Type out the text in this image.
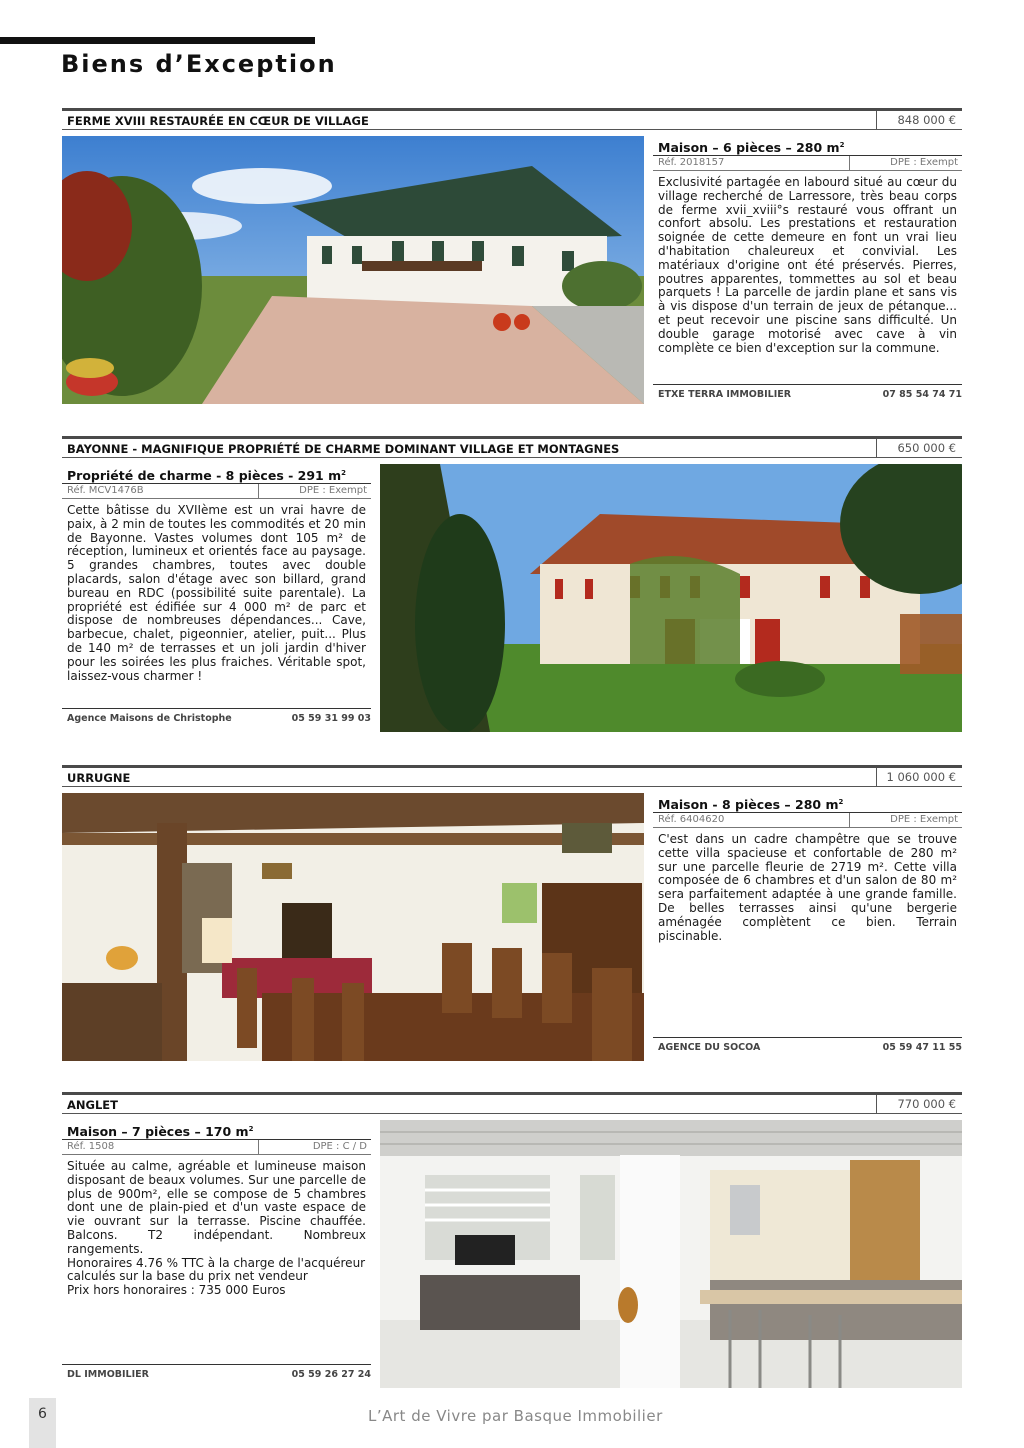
Biens d’Exception
FERME XVIII RESTAURÉE EN CŒUR DE VILLAGE	848 000 €
Maison – 6 pièces – 280 $m^2$
Réf. 2018157	DPE : Exempt

Exclusivité partagée en labourd situé au cœur du village recherché de Larressore, très beau corps de ferme xvii_xviii°s restauré vous offrant un confort absolu. Les prestations et restauration soignée de cette demeure en font un vrai lieu d'habitation chaleureux et convivial. Les matériaux d'origine ont été préservés. Pierres, poutres apparentes, tommettes au sol et beau parquets ! La parcelle de jardin plane et sans vis à vis dispose d'un terrain de jeux de pétanque... et peut recevoir une piscine sans difficulté. Un double garage motorisé avec cave à vin complète ce bien d'exception sur la commune.

ETXE TERRA IMMOBILIER	07 85 54 74 71
BAYONNE - MAGNIFIQUE PROPRIÉTÉ DE CHARME DOMINANT VILLAGE ET MONTAGNES	650 000 €
Propriété de charme - 8 pièces - 291 $m^2$
Réf. MCV1476B	DPE : Exempt

Cette bâtisse du XVIIème est un vrai havre de paix, à 2 min de toutes les commodités et 20 min de Bayonne. Vastes volumes dont 105 m² de réception, lumineux et orientés face au paysage. 5 grandes chambres, toutes avec double placards, salon d'étage avec son billard, grand bureau en RDC (possibilité suite parentale). La propriété est édifiée sur 4 000 m² de parc et dispose de nombreuses dépendances... Cave, barbecue, chalet, pigeonnier, atelier, puit... Plus de 140 m² de terrasses et un joli jardin d'hiver pour les soirées les plus fraiches. Véritable spot, laissez-vous charmer !

Agence Maisons de Christophe	05 59 31 99 03
URRUGNE	1 060 000 €
Maison - 8 pièces – 280 $m^2$
Réf. 6404620	DPE : Exempt

C'est dans un cadre champêtre que se trouve cette villa spacieuse et confortable de 280 m² sur une parcelle fleurie de 2719 m². Cette villa composée de 6 chambres et d'un salon de 80 m² sera parfaitement adaptée à une grande famille. De belles terrasses ainsi qu'une bergerie aménagée complètent ce bien. Terrain piscinable.

AGENCE DU SOCOA	05 59 47 11 55
ANGLET	770 000 €
Maison – 7 pièces – 170 $m^2$
Réf. 1508	DPE : C / D

Située au calme, agréable et lumineuse maison disposant de beaux volumes. Sur une parcelle de plus de 900m², elle se compose de 5 chambres dont une de plain-pied et d'un vaste espace de vie ouvrant sur la terrasse. Piscine chauffée. Balcons. T2 indépendant. Nombreux rangements.

Honoraires 4.76 % TTC à la charge de l'acquéreur calculés sur la base du prix net vendeur

Prix hors honoraires : 735 000 Euros

DL IMMOBILIER	05 59 26 27 24
6	L’Art de Vivre par Basque Immobilier
